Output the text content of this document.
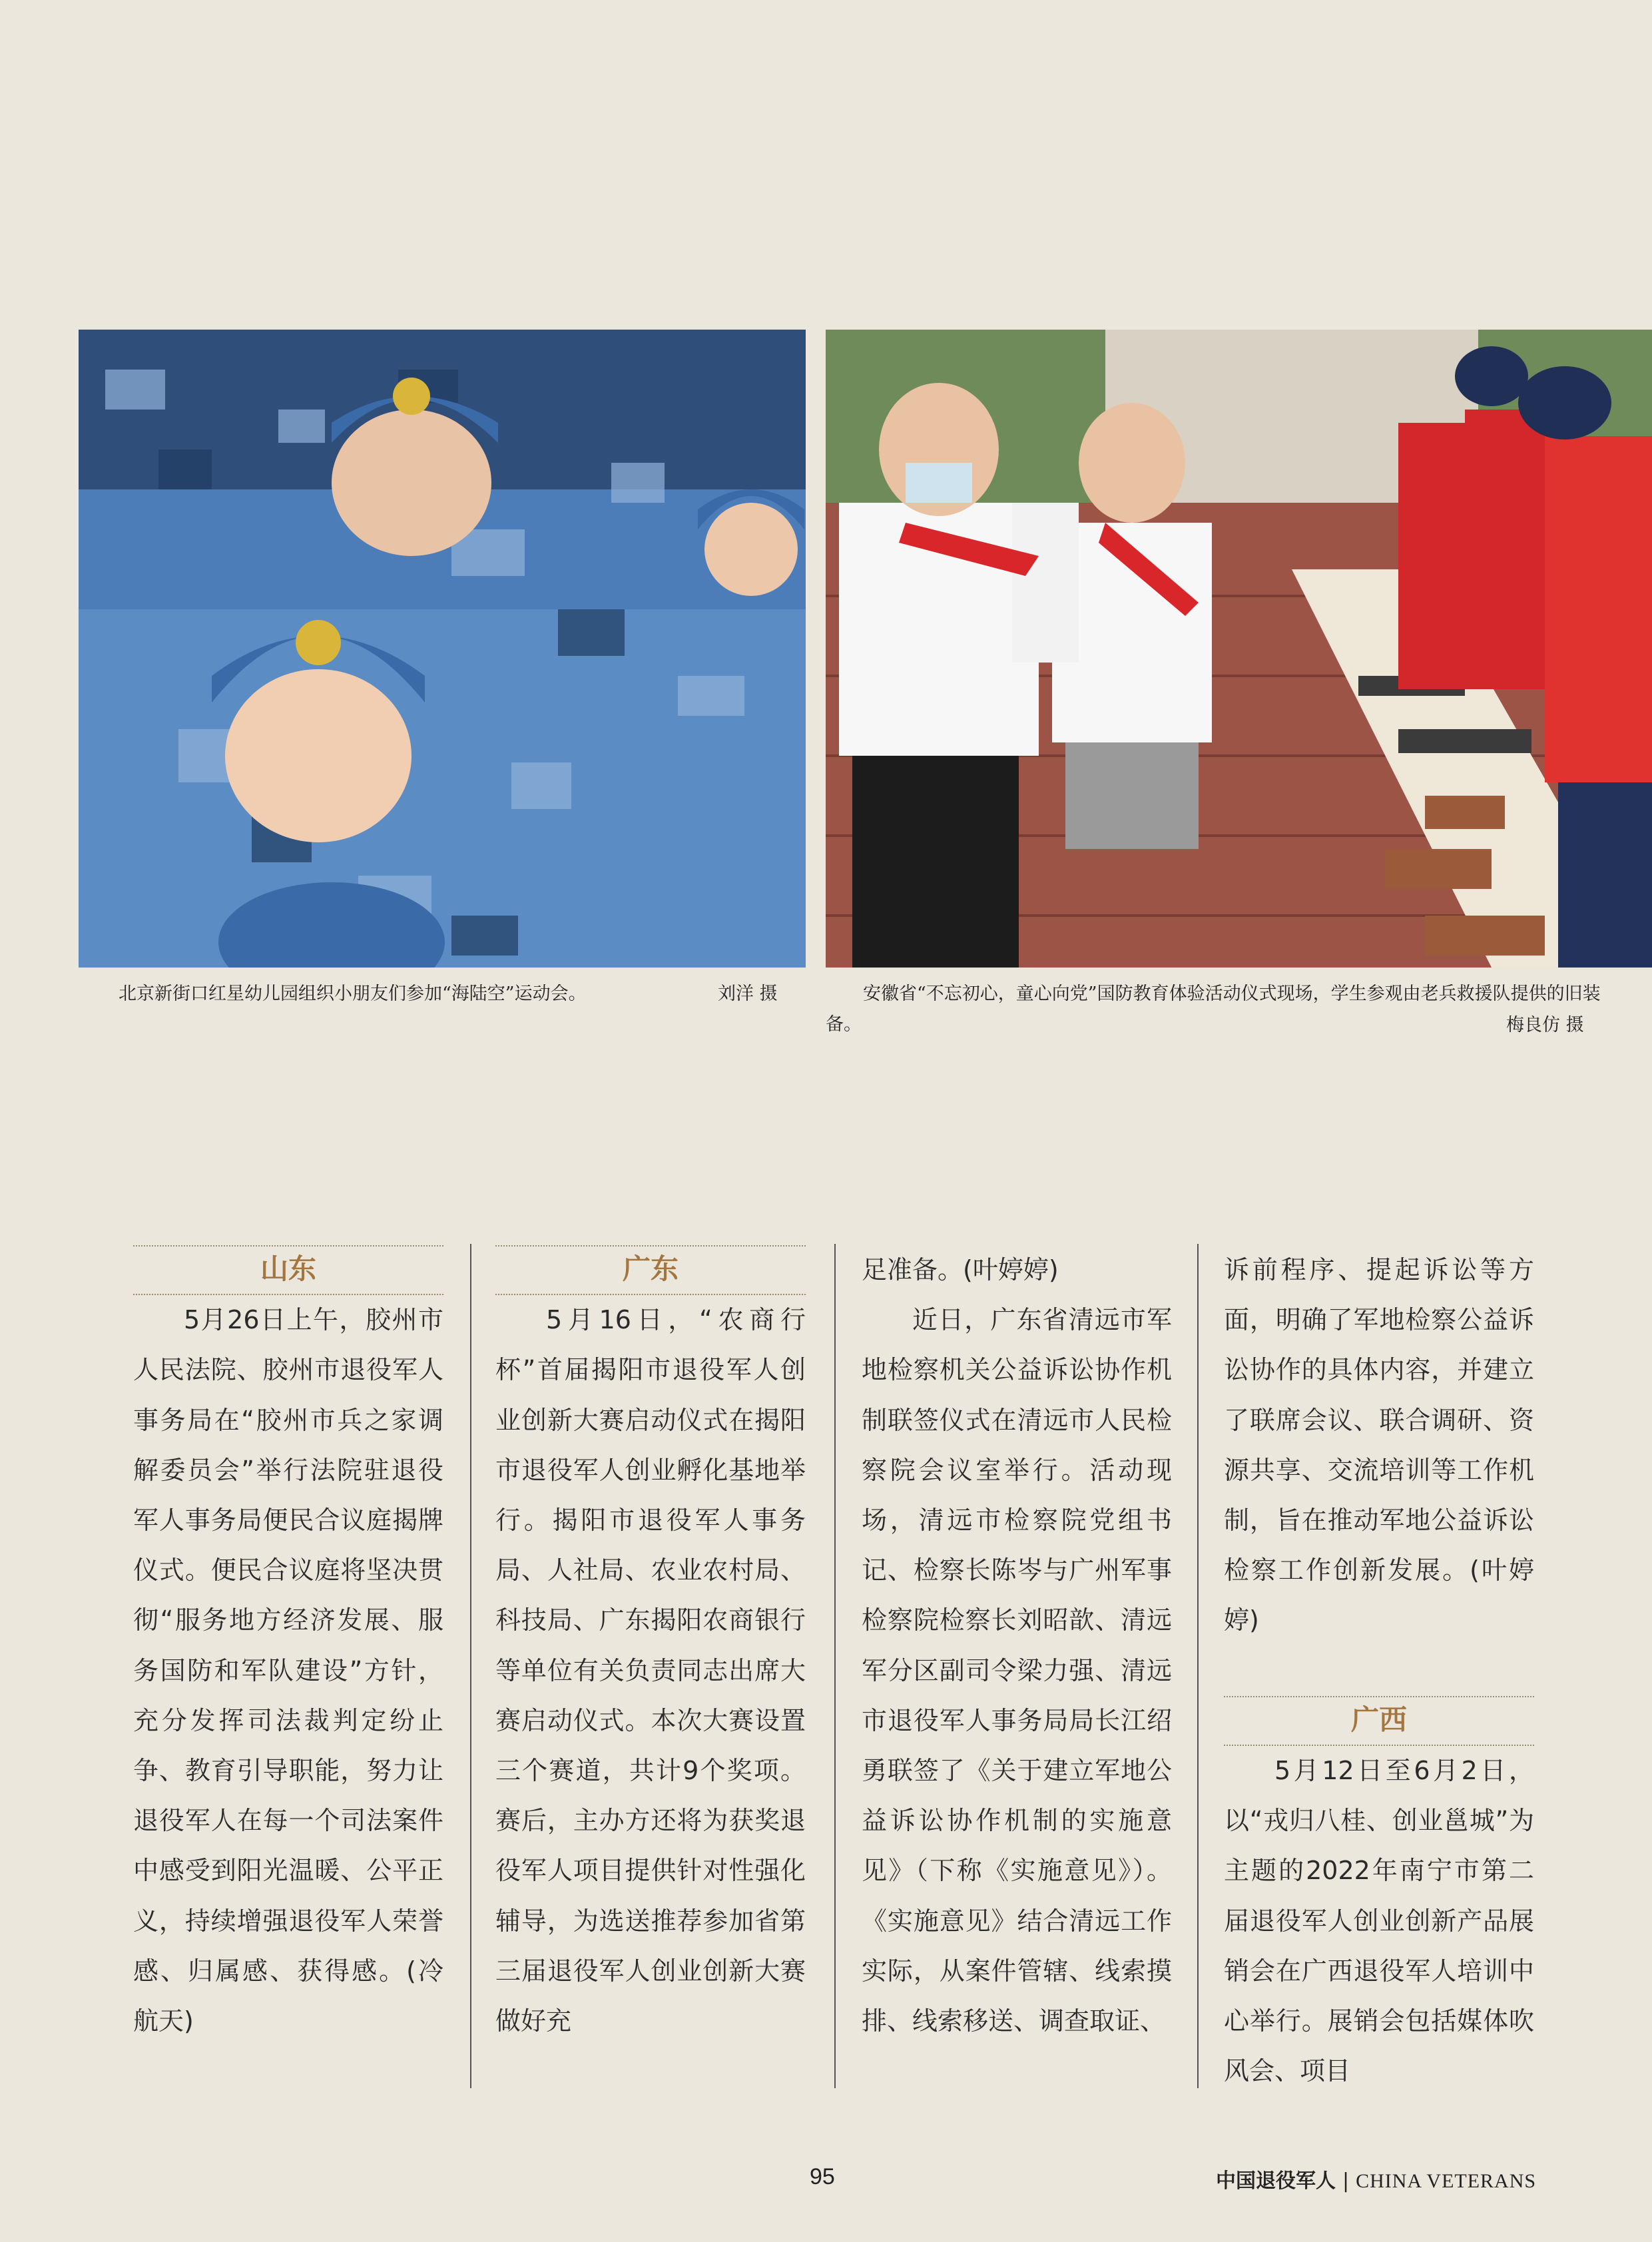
北京新街口红星幼儿园组织小朋友们参加“海陆空”运动会。	刘洋 摄	安徽省“不忘初心，童心向党”国防教育体验活动仪式现场，学生参观由老兵救援队提供的旧装备。	梅良仿 摄
山东
5月26日上午，胶州市人民法院、胶州市退役军人事务局在“胶州市兵之家调解委员会”举行法院驻退役军人事务局便民合议庭揭牌仪式。便民合议庭将坚决贯彻“服务地方经济发展、服务国防和军队建设”方针，充分发挥司法裁判定纷止争、教育引导职能，努力让退役军人在每一个司法案件中感受到阳光温暖、公平正义，持续增强退役军人荣誉感、归属感、获得感。(冷航天)
广东
5月16日，“农商行杯”首届揭阳市退役军人创业创新大赛启动仪式在揭阳市退役军人创业孵化基地举行。揭阳市退役军人事务局、人社局、农业农村局、科技局、广东揭阳农商银行等单位有关负责同志出席大赛启动仪式。本次大赛设置三个赛道，共计9个奖项。赛后，主办方还将为获奖退役军人项目提供针对性强化辅导，为选送推荐参加省第三届退役军人创业创新大赛做好充
足准备。(叶婷婷)
近日，广东省清远市军地检察机关公益诉讼协作机制联签仪式在清远市人民检察院会议室举行。活动现场，清远市检察院党组书记、检察长陈岑与广州军事检察院检察长刘昭歆、清远军分区副司令梁力强、清远市退役军人事务局局长江绍勇联签了《关于建立军地公益诉讼协作机制的实施意见》（下称《实施意见》）。《实施意见》结合清远工作实际，从案件管辖、线索摸排、线索移送、调查取证、
诉前程序、提起诉讼等方面，明确了军地检察公益诉讼协作的具体内容，并建立了联席会议、联合调研、资源共享、交流培训等工作机制，旨在推动军地公益诉讼检察工作创新发展。(叶婷婷)
广西
5月12日至6月2日，以“戎归八桂、创业邕城”为主题的2022年南宁市第二届退役军人创业创新产品展销会在广西退役军人培训中心举行。展销会包括媒体吹风会、项目
95	中国退役军人 | CHINA VETERANS
